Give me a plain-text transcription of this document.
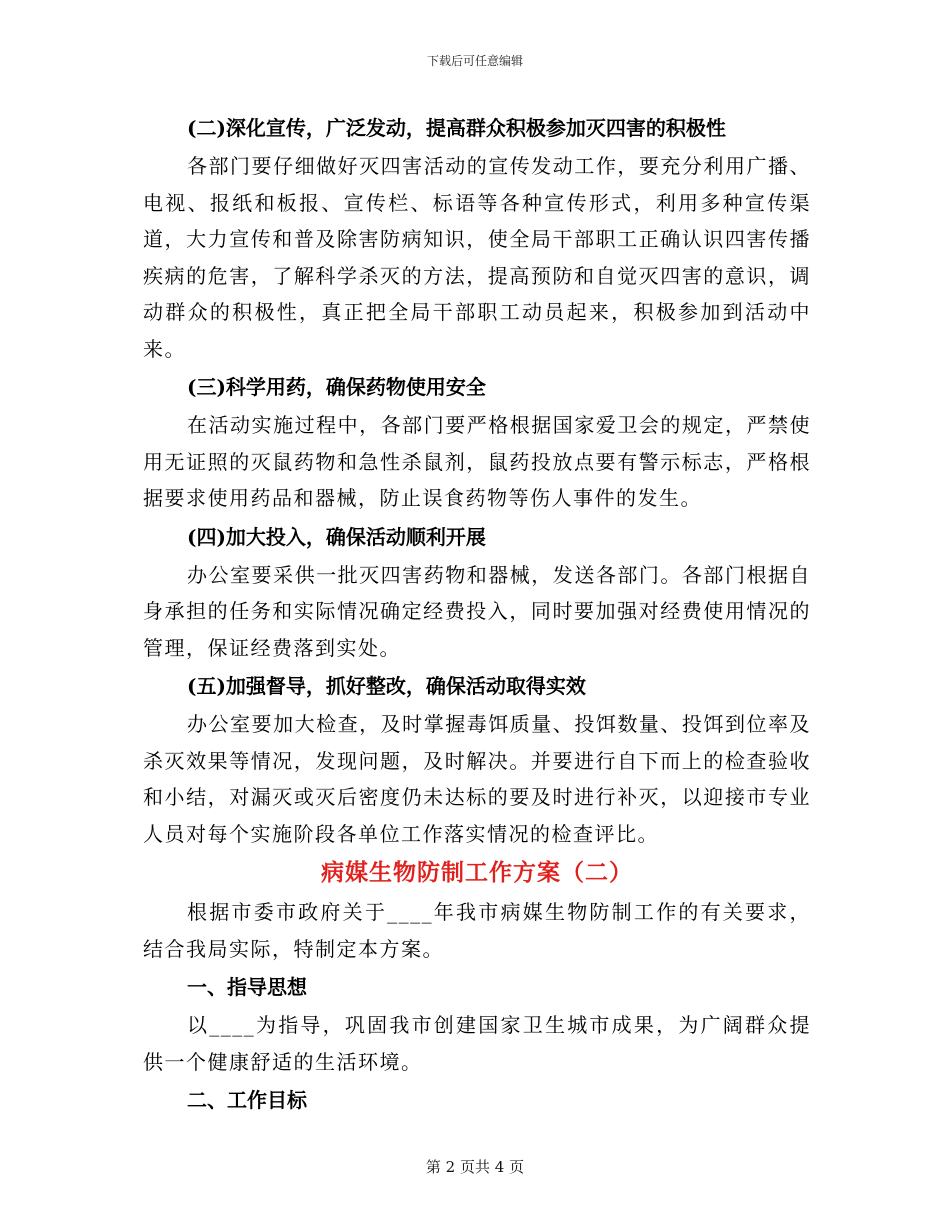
下载后可任意编辑
(二)深化宣传，广泛发动，提高群众积极参加灭四害的积极性

各部门要仔细做好灭四害活动的宣传发动工作，要充分利用广播、电视、报纸和板报、宣传栏、标语等各种宣传形式，利用多种宣传渠道，大力宣传和普及除害防病知识，使全局干部职工正确认识四害传播疾病的危害，了解科学杀灭的方法，提高预防和自觉灭四害的意识，调动群众的积极性，真正把全局干部职工动员起来，积极参加到活动中来。

(三)科学用药，确保药物使用安全

在活动实施过程中，各部门要严格根据国家爱卫会的规定，严禁使用无证照的灭鼠药物和急性杀鼠剂，鼠药投放点要有警示标志，严格根据要求使用药品和器械，防止误食药物等伤人事件的发生。

(四)加大投入，确保活动顺利开展

办公室要采供一批灭四害药物和器械，发送各部门。各部门根据自身承担的任务和实际情况确定经费投入，同时要加强对经费使用情况的管理，保证经费落到实处。

(五)加强督导，抓好整改，确保活动取得实效

办公室要加大检查，及时掌握毒饵质量、投饵数量、投饵到位率及杀灭效果等情况，发现问题，及时解决。并要进行自下而上的检查验收和小结，对漏灭或灭后密度仍未达标的要及时进行补灭，以迎接市专业人员对每个实施阶段各单位工作落实情况的检查评比。

病媒生物防制工作方案（二）

根据市委市政府关于____年我市病媒生物防制工作的有关要求，结合我局实际，特制定本方案。

一、指导思想

以____为指导，巩固我市创建国家卫生城市成果，为广阔群众提供一个健康舒适的生活环境。

二、工作目标
第 2 页共 4 页
